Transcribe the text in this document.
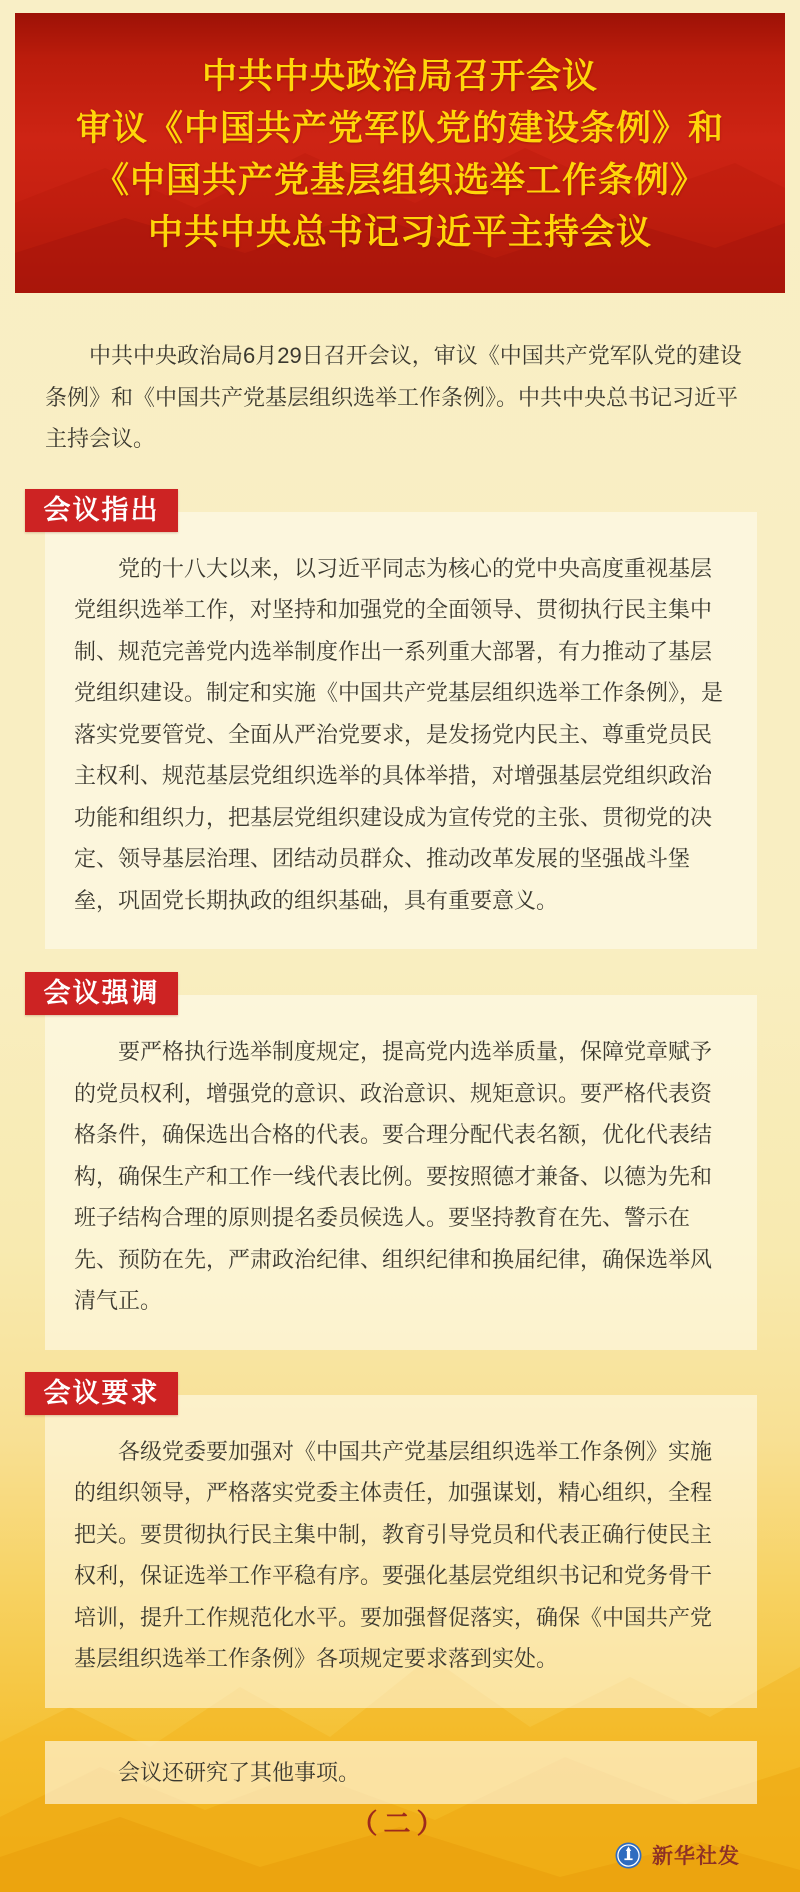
中共中央政治局召开会议
审议《中国共产党军队党的建设条例》和
《中国共产党基层组织选举工作条例》
中共中央总书记习近平主持会议

中共中央政治局6月29日召开会议，审议《中国共产党军队党的建设条例》和《中国共产党基层组织选举工作条例》。中共中央总书记习近平主持会议。

会议指出

党的十八大以来，以习近平同志为核心的党中央高度重视基层党组织选举工作，对坚持和加强党的全面领导、贯彻执行民主集中制、规范完善党内选举制度作出一系列重大部署，有力推动了基层党组织建设。制定和实施《中国共产党基层组织选举工作条例》，是落实党要管党、全面从严治党要求，是发扬党内民主、尊重党员民主权利、规范基层党组织选举的具体举措，对增强基层党组织政治功能和组织力，把基层党组织建设成为宣传党的主张、贯彻党的决定、领导基层治理、团结动员群众、推动改革发展的坚强战斗堡垒，巩固党长期执政的组织基础，具有重要意义。

会议强调

要严格执行选举制度规定，提高党内选举质量，保障党章赋予的党员权利，增强党的意识、政治意识、规矩意识。要严格代表资格条件，确保选出合格的代表。要合理分配代表名额，优化代表结构，确保生产和工作一线代表比例。要按照德才兼备、以德为先和班子结构合理的原则提名委员候选人。要坚持教育在先、警示在先、预防在先，严肃政治纪律、组织纪律和换届纪律，确保选举风清气正。

会议要求

各级党委要加强对《中国共产党基层组织选举工作条例》实施的组织领导，严格落实党委主体责任，加强谋划，精心组织，全程把关。要贯彻执行民主集中制，教育引导党员和代表正确行使民主权利，保证选举工作平稳有序。要强化基层党组织书记和党务骨干培训，提升工作规范化水平。要加强督促落实，确保《中国共产党基层组织选举工作条例》各项规定要求落到实处。

会议还研究了其他事项。
（二）
新华社发
